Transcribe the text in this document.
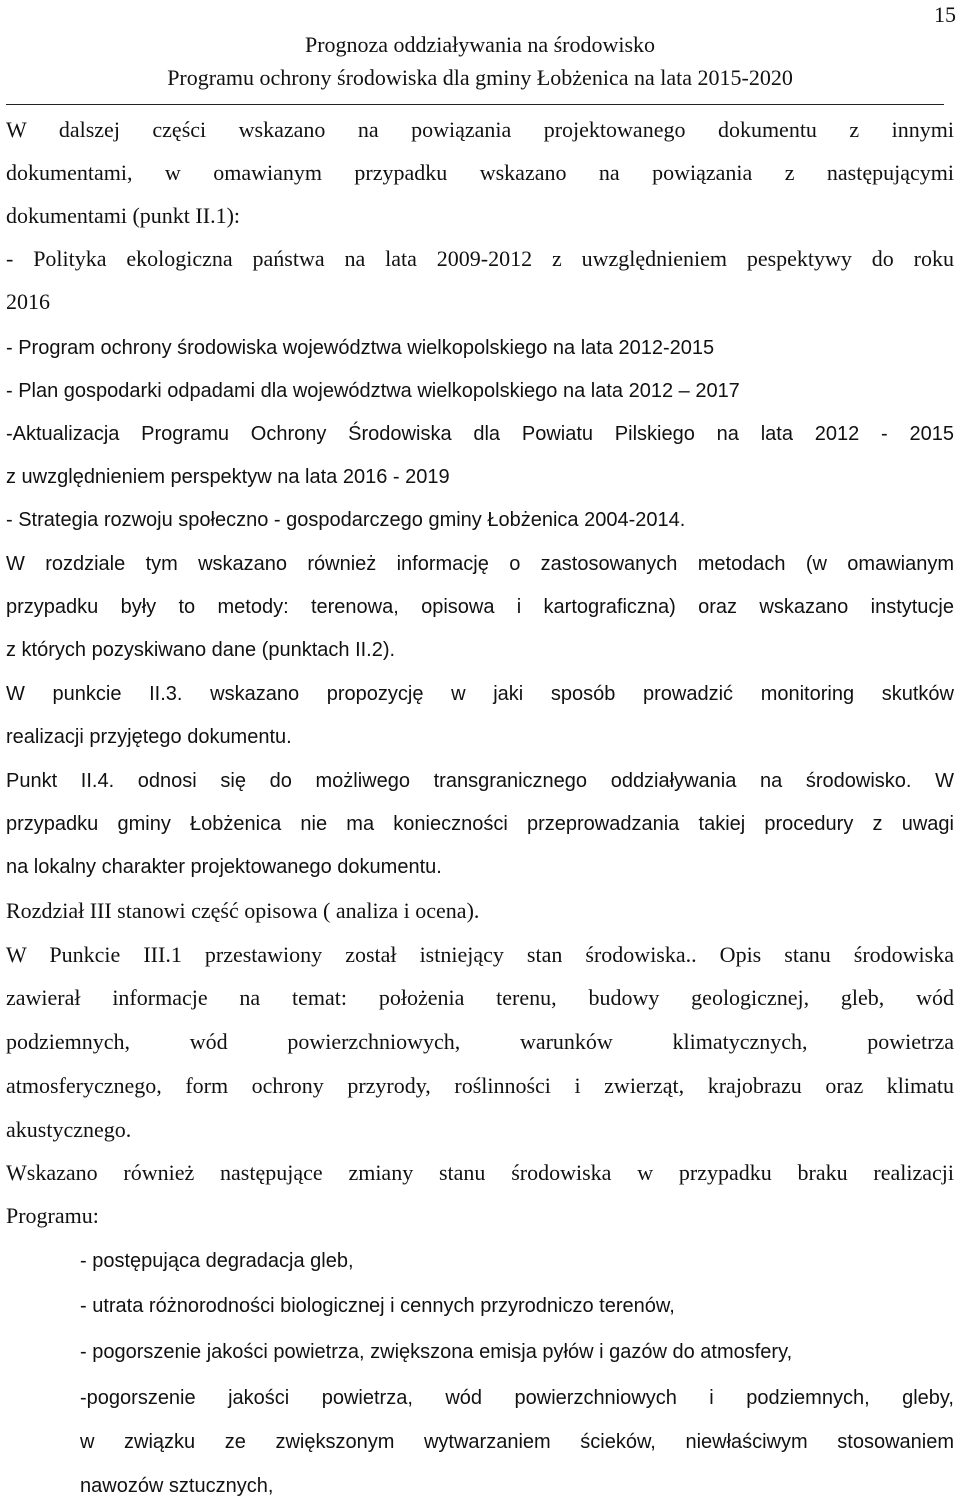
15
Prognoza oddziaływania na środowisko
Programu ochrony środowiska dla gminy Łobżenica na lata 2015-2020
W dalszej części wskazano na powiązania projektowanego dokumentu z innymi
dokumentami, w omawianym przypadku wskazano na powiązania z następującymi
dokumentami (punkt II.1):
- Polityka ekologiczna państwa na lata 2009-2012 z uwzględnieniem pespektywy do roku
2016
- Program ochrony środowiska województwa wielkopolskiego na lata 2012-2015
- Plan gospodarki odpadami dla województwa wielkopolskiego na lata 2012 – 2017
-Aktualizacja Programu Ochrony Środowiska dla Powiatu Pilskiego na lata 2012 - 2015
z uwzględnieniem perspektyw na lata 2016 - 2019
- Strategia rozwoju społeczno - gospodarczego gminy Łobżenica 2004-2014.
W rozdziale tym wskazano również informację o zastosowanych metodach (w omawianym
przypadku były to metody: terenowa, opisowa i kartograficzna) oraz wskazano instytucje
z których pozyskiwano dane (punktach II.2).
W punkcie II.3. wskazano propozycję w jaki sposób prowadzić monitoring skutków
realizacji przyjętego dokumentu.
Punkt II.4. odnosi się do możliwego transgranicznego oddziaływania na środowisko. W
przypadku gminy Łobżenica nie ma konieczności przeprowadzania takiej procedury z uwagi
na lokalny charakter projektowanego dokumentu.
Rozdział III stanowi część opisowa ( analiza i ocena).
W Punkcie III.1 przestawiony został istniejący stan środowiska.. Opis stanu środowiska
zawierał informacje na temat: położenia terenu, budowy geologicznej, gleb, wód
podziemnych, wód powierzchniowych, warunków klimatycznych, powietrza
atmosferycznego, form ochrony przyrody, roślinności i zwierząt, krajobrazu oraz klimatu
akustycznego.
Wskazano również następujące zmiany stanu środowiska w przypadku braku realizacji
Programu:
- postępująca degradacja gleb,
- utrata różnorodności biologicznej i cennych przyrodniczo terenów,
- pogorszenie jakości powietrza, zwiększona emisja pyłów i gazów do atmosfery,
-pogorszenie jakości powietrza, wód powierzchniowych i podziemnych, gleby,
w związku ze zwiększonym wytwarzaniem ścieków, niewłaściwym stosowaniem
nawozów sztucznych,
